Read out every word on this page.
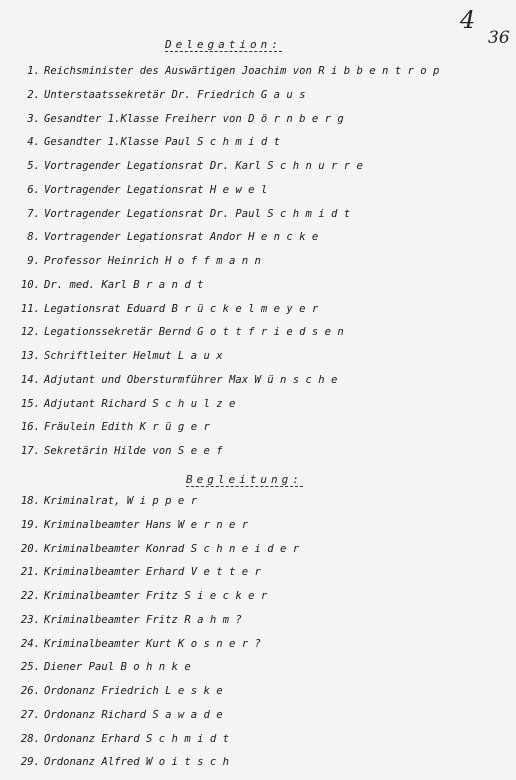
4
36
Delegation:
1. Reichsminister des Auswärtigen Joachim von R i b b e n t r o p
2. Unterstaatssekretär Dr. Friedrich G a u s
3. Gesandter 1.Klasse Freiherr von D ö r n b e r g
4. Gesandter 1.Klasse Paul S c h m i d t
5. Vortragender Legationsrat Dr. Karl S c h n u r r e
6. Vortragender Legationsrat H e w e l
7. Vortragender Legationsrat Dr. Paul S c h m i d t
8. Vortragender Legationsrat Andor H e n c k e
9. Professor Heinrich H o f f m a n n
10. Dr. med. Karl B r a n d t
11. Legationsrat Eduard B r ü c k e l m e y e r
12. Legationssekretär Bernd G o t t f r i e d s e n
13. Schriftleiter Helmut L a u x
14. Adjutant und Obersturmführer Max W ü n s c h e
15. Adjutant Richard S c h u l z e
16. Fräulein Edith K r ü g e r
17. Sekretärin Hilde von S e e f
Begleitung:
18. Kriminalrat, W i p p e r
19. Kriminalbeamter Hans W e r n e r
20. Kriminalbeamter Konrad S c h n e i d e r
21. Kriminalbeamter Erhard V e t t e r
22. Kriminalbeamter Fritz S i e c k e r
23. Kriminalbeamter Fritz R a h m ?
24. Kriminalbeamter Kurt K o s n e r ?
25. Diener Paul B o h n k e
26. Ordonanz Friedrich L e s k e
27. Ordonanz Richard S a w a d e
28. Ordonanz Erhard S c h m i d t
29. Ordonanz Alfred W o i t s c h
